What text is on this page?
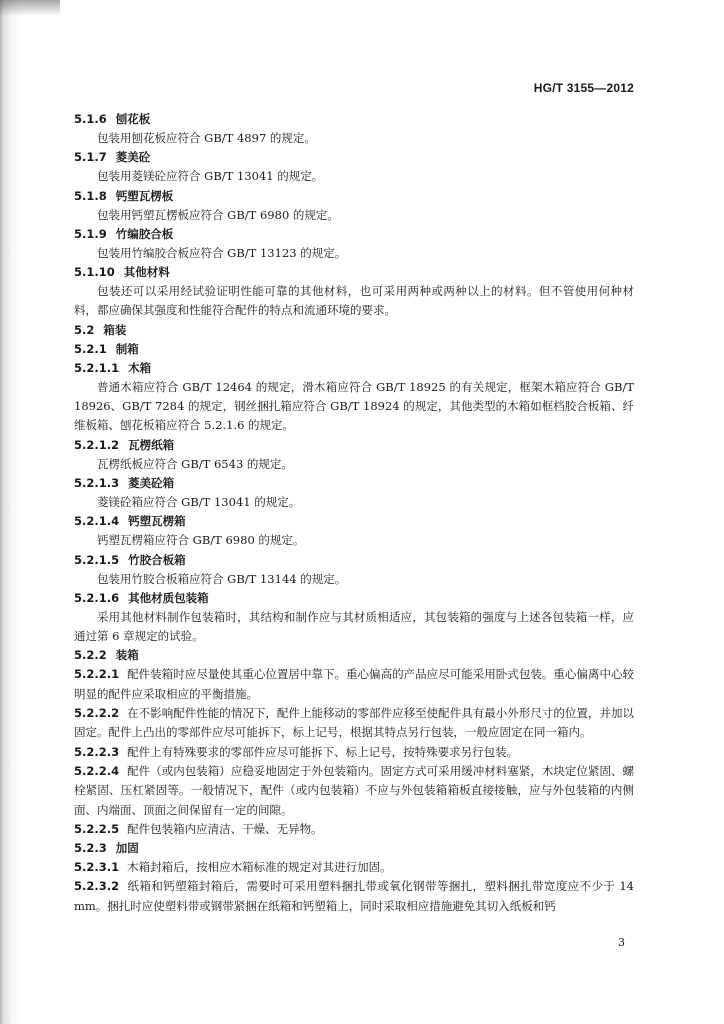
HG/T 3155—2012
5.1.6 刨花板
包装用刨花板应符合 GB/T 4897 的规定。
5.1.7 菱美砼
包装用菱镁砼应符合 GB/T 13041 的规定。
5.1.8 钙塑瓦楞板
包装用钙塑瓦楞板应符合 GB/T 6980 的规定。
5.1.9 竹编胶合板
包装用竹编胶合板应符合 GB/T 13123 的规定。
5.1.10 其他材料
包装还可以采用经试验证明性能可靠的其他材料，也可采用两种或两种以上的材料。但不管使用何种材料，都应确保其强度和性能符合配件的特点和流通环境的要求。
5.2 箱装
5.2.1 制箱
5.2.1.1 木箱
普通木箱应符合 GB/T 12464 的规定，滑木箱应符合 GB/T 18925 的有关规定，框架木箱应符合 GB/T 18926、GB/T 7284 的规定，钢丝捆扎箱应符合 GB/T 18924 的规定，其他类型的木箱如框档胶合板箱、纤维板箱、刨花板箱应符合 5.2.1.6 的规定。
5.2.1.2 瓦楞纸箱
瓦楞纸板应符合 GB/T 6543 的规定。
5.2.1.3 菱美砼箱
菱镁砼箱应符合 GB/T 13041 的规定。
5.2.1.4 钙塑瓦楞箱
钙塑瓦楞箱应符合 GB/T 6980 的规定。
5.2.1.5 竹胶合板箱
包装用竹胶合板箱应符合 GB/T 13144 的规定。
5.2.1.6 其他材质包装箱
采用其他材料制作包装箱时，其结构和制作应与其材质相适应，其包装箱的强度与上述各包装箱一样，应通过第 6 章规定的试验。
5.2.2 装箱
5.2.2.1 配件装箱时应尽量使其重心位置居中靠下。重心偏高的产品应尽可能采用卧式包装。重心偏离中心较明显的配件应采取相应的平衡措施。
5.2.2.2 在不影响配件性能的情况下，配件上能移动的零部件应移至使配件具有最小外形尺寸的位置，并加以固定。配件上凸出的零部件应尽可能拆下，标上记号，根据其特点另行包装，一般应固定在同一箱内。
5.2.2.3 配件上有特殊要求的零部件应尽可能拆下、标上记号，按特殊要求另行包装。
5.2.2.4 配件（或内包装箱）应稳妥地固定于外包装箱内。固定方式可采用缓冲材料塞紧，木块定位紧固、螺栓紧固、压杠紧固等。一般情况下，配件（或内包装箱）不应与外包装箱箱板直接接触，应与外包装箱的内侧面、内端面、顶面之间保留有一定的间隙。
5.2.2.5 配件包装箱内应清洁、干燥、无异物。
5.2.3 加固
5.2.3.1 木箱封箱后，按相应木箱标准的规定对其进行加固。
5.2.3.2 纸箱和钙塑箱封箱后，需要时可采用塑料捆扎带或氧化钢带等捆扎，塑料捆扎带宽度应不少于 14 mm。捆扎时应使塑料带或钢带紧捆在纸箱和钙塑箱上，同时采取相应措施避免其切入纸板和钙
3
